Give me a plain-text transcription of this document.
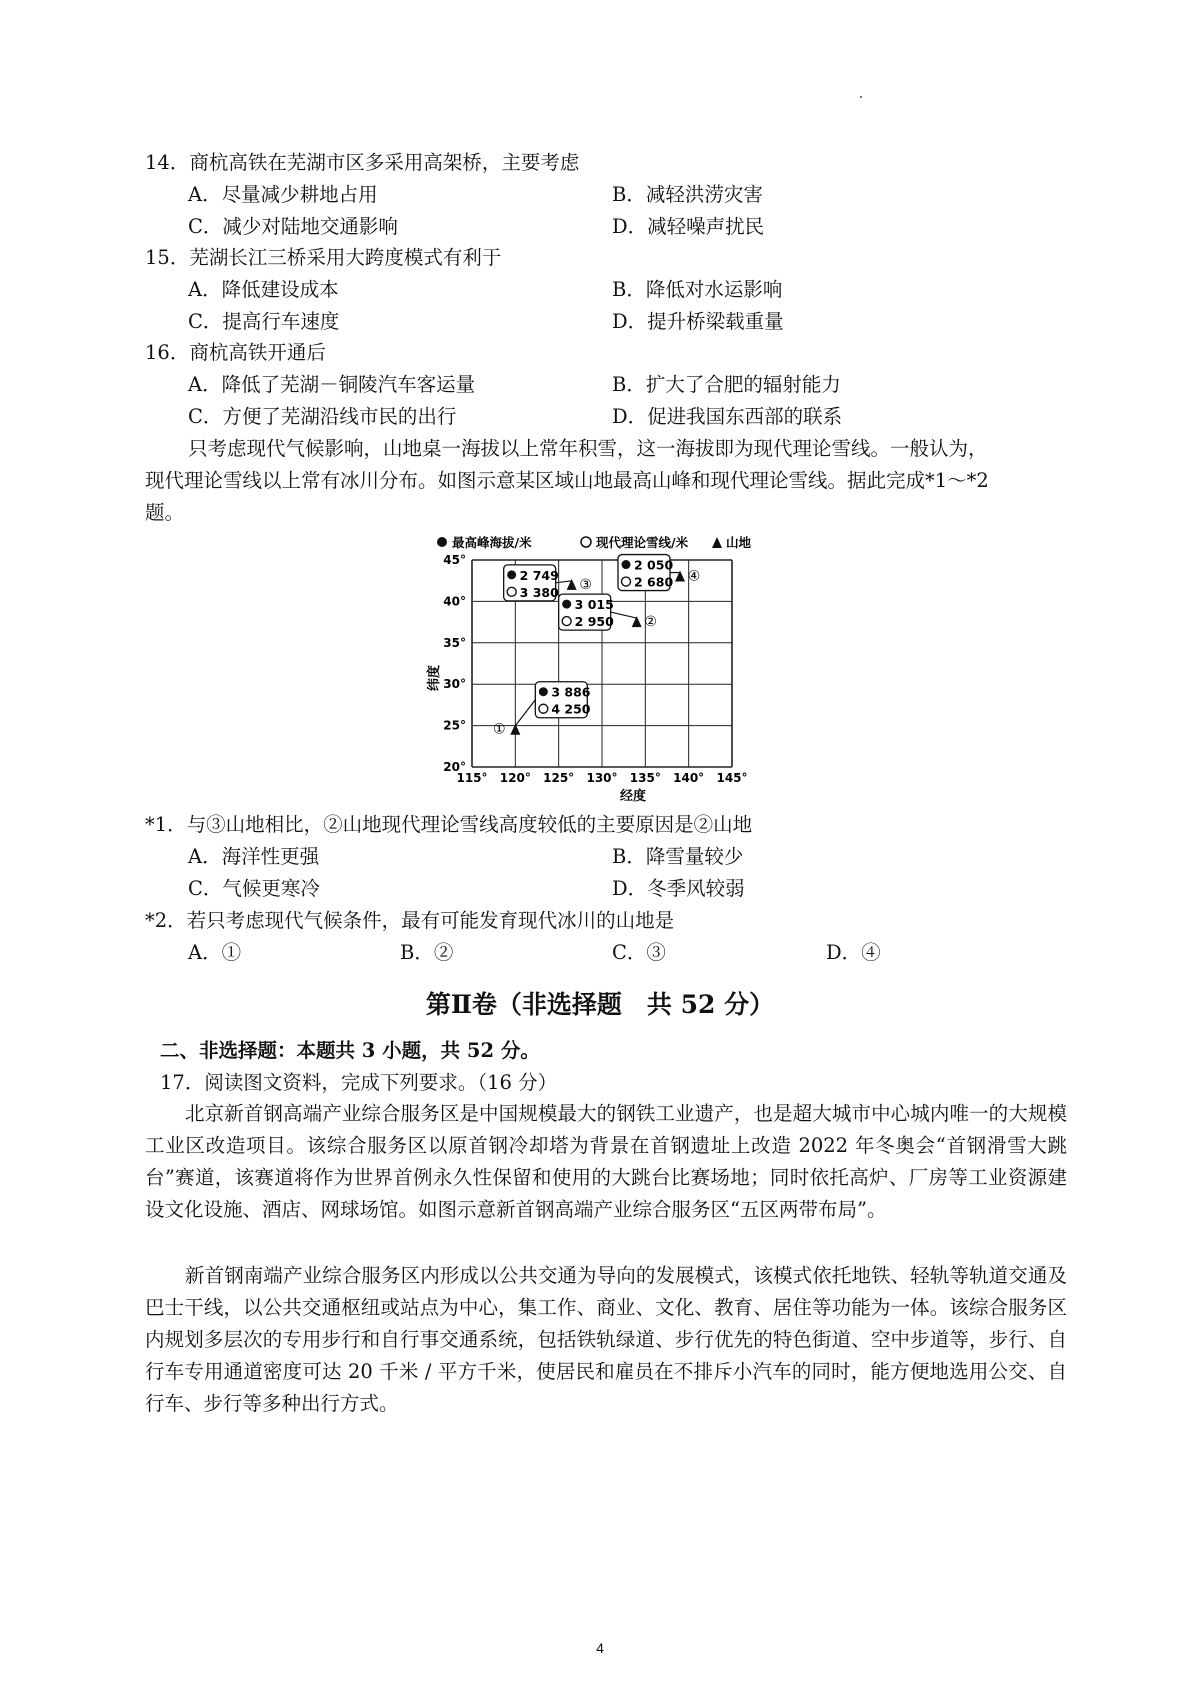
14．商杭高铁在芜湖市区多采用高架桥，主要考虑
A．尽量减少耕地占用	B．减轻洪涝灾害
C．减少对陆地交通影响	D．减轻噪声扰民
15．芜湖长江三桥采用大跨度模式有利于
A．降低建设成本	B．降低对水运影响
C．提高行车速度	D．提升桥梁载重量
16．商杭高铁开通后
A．降低了芜湖－铜陵汽车客运量	B．扩大了合肥的辐射能力
C．方便了芜湖沿线市民的出行	D．促进我国东西部的联系
只考虑现代气候影响，山地桌一海拔以上常年积雪，这一海拔即为现代理论雪线。一般认为，
现代理论雪线以上常有冰川分布。如图示意某区域山地最高山峰和现代理论雪线。据此完成*1～*2
题。
最高峰海拔/米	现代理论雪线/米	山地
115° 120° 125° 130° 135° 140° 145°
45°
40°
35°
30°
25°
20°
3 886
4 250
①
3 015
2 950 ②
2 749
3 380 ③
2 050
2 680 ④
经度
纬度
*1．与③山地相比，②山地现代理论雪线高度较低的主要原因是②山地
A．海洋性更强	B．降雪量较少
C．气候更寒冷	D．冬季风较弱
*2．若只考虑现代气候条件，最有可能发育现代冰川的山地是
A．①	B．②	C．③	D．④
第Ⅱ卷（非选择题　共 52 分）
二、非选择题：本题共 3 小题，共 52 分。
17．阅读图文资料，完成下列要求。（16 分）
北京新首钢高端产业综合服务区是中国规模最大的钢铁工业遗产，也是超大城市中心城内唯一的大规模工业区改造项目。该综合服务区以原首钢冷却塔为背景在首钢遗址上改造 2022 年冬奥会“首钢滑雪大跳台”赛道，该赛道将作为世界首例永久性保留和使用的大跳台比赛场地；同时依托高炉、厂房等工业资源建设文化设施、酒店、网球场馆。如图示意新首钢高端产业综合服务区“五区两带布局”。
新首钢南端产业综合服务区内形成以公共交通为导向的发展模式，该模式依托地铁、轻轨等轨道交通及巴士干线，以公共交通枢纽或站点为中心，集工作、商业、文化、教育、居住等功能为一体。该综合服务区内规划多层次的专用步行和自行事交通系统，包括铁轨绿道、步行优先的特色街道、空中步道等，步行、自行车专用通道密度可达 20 千米 / 平方千米，使居民和雇员在不排斥小汽车的同时，能方便地选用公交、自行车、步行等多种出行方式。
4
